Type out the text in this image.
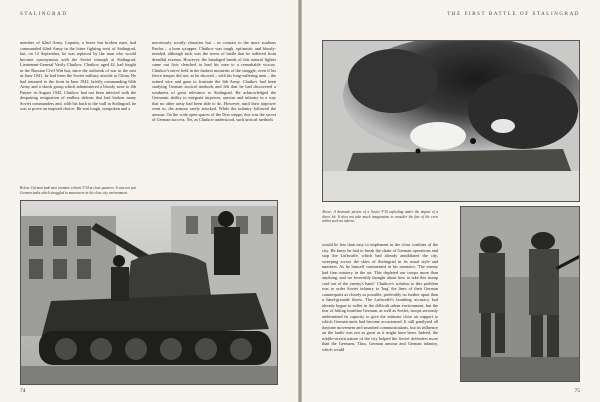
STALINGRAD
member of 62nd Army. Lopatin, a brave but broken man, had commanded 62nd Army in the bitter fighting west of Stalingrad, but, on 12 September, he was replaced by the man who would become synonymous with the Soviet triumph at Stalingrad: Lieutenant-General Vasily Chuikov. Chuikov, aged 42, had fought in the Russian Civil War but, since the outbreak of war in the east in June 1941, he had been the Soviet military attaché to China. He had returned to the front in June 1942, briefly commanding 64th Army and a shock group which administered a bloody nose to 4th Panzer in August 1942. Chuikov had not been infected with the despairing resignation of endless defeats that had broken many Soviet commanders and, with his back to the wall in Stalingrad, he was to prove an inspired choice. He was tough, outspoken and a
Below: German tank men examine a burnt T-34 at close quarters. It was not just German tanks which struggled to manoeuvre in the close city environment.
notoriously scruffy character but – in contrast to the more studious Paulus – a born scrapper. Chuikov was tough, optimistic and bloody-minded, although such was the stress of battle that he suffered from dreadful eczema. However, the bandaged hands of this natural fighter came out fists clenched to lead his men to a remarkable victory. Chuikov's nerve held in the darkest moments of the struggle, even if his fierce temper did not, as he showed – with his long-suffering men – the ruined wire and guns to frustrate the 6th Army. Chuikov had been studying German tactical methods and felt that he had discovered a weakness of great relevance to Stalingrad. He acknowledged the Germanic ability to integrate airpower, armour and infantry in a way that no other army had been able to do. However, until their airpower went in, the armour rarely attacked. While the infantry followed the armour. On the wide open spaces of the Don steppe, this was the secret of German success. Yet, as Chuikov understood, such tactical methods
74
THE FIRST BATTLE OF STALINGRAD
Above: A dramatic picture of a Soviet T-34 exploding under the impact of a direct hit. It does not take much imagination to consider the fate of the crew within such an inferno.
would be less than easy to implement in the close confines of the city. He knew he had to break the chain of German operations and stop the Luftwaffe, which had already annihilated the city, sweeping across the skies of Stalingrad in its usual style and numbers. As he himself commented in his memoirs: 'The enemy had firm mastery in the air. This depleted our troops more than anything, and we feverishly thought about how to take this trump card out of the enemy's hand.' Chuikov's solution to this problem was to order Soviet infantry to 'hug' the lines of their German counterparts as closely as possible, preferably no further apart than a hand-grenade throw. The Luftwaffe's bombing accuracy had already begun to suffer in the difficult urban environment, but the fear of hitting frontline German, as well as Soviet, troops seriously undermined its capacity to give the intimate close air support to which German units had become accustomed. It still paralysed all daytime movement and smashed communications, but its influence on the battle was not as great as it might have been. Indeed, the rubble-strewn nature of the city helped the Soviet defenders more than the Germans. Thus, German armour and German infantry, which would
75
